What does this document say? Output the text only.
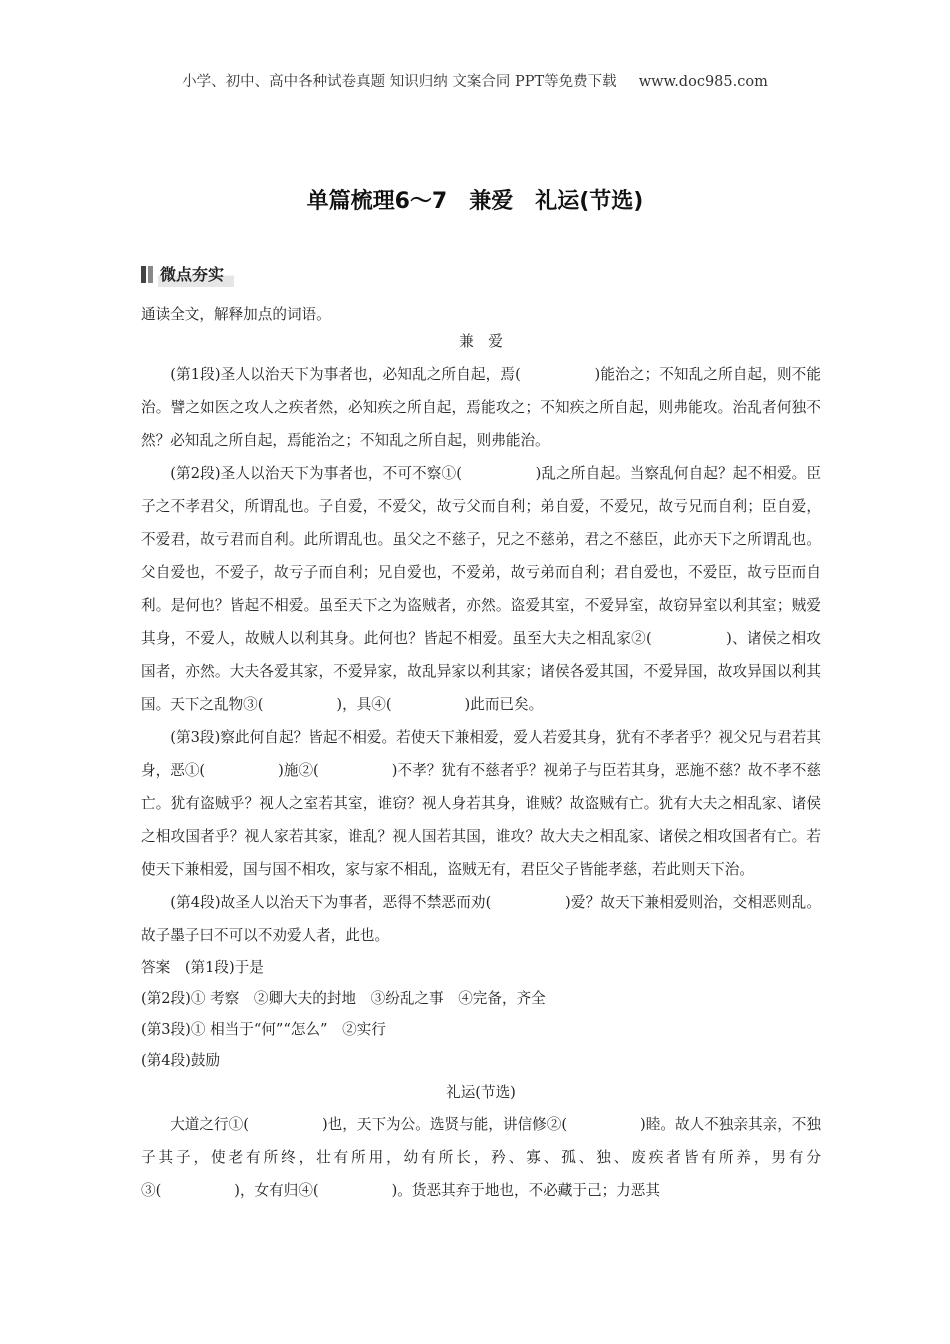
小学、初中、高中各种试卷真题 知识归纳 文案合同 PPT等免费下载 www.doc985.com
单篇梳理6～7　兼爱　礼运(节选)
微点夯实

通读全文，解释加点的词语。

兼　爱

(第1段)圣人以治天下为事者也，必知乱之所自起，焉(　　　　　)能治之；不知乱之所自起，则不能治。譬之如医之攻人之疾者然，必知疾之所自起，焉能攻之；不知疾之所自起，则弗能攻。治乱者何独不然？必知乱之所自起，焉能治之；不知乱之所自起，则弗能治。

(第2段)圣人以治天下为事者也，不可不察①(　　　　　)乱之所自起。当察乱何自起？起不相爱。臣子之不孝君父，所谓乱也。子自爱，不爱父，故亏父而自利；弟自爱，不爱兄，故亏兄而自利；臣自爱，不爱君，故亏君而自利。此所谓乱也。虽父之不慈子，兄之不慈弟，君之不慈臣，此亦天下之所谓乱也。父自爱也，不爱子，故亏子而自利；兄自爱也，不爱弟，故亏弟而自利；君自爱也，不爱臣，故亏臣而自利。是何也？皆起不相爱。虽至天下之为盗贼者，亦然。盗爱其室，不爱异室，故窃异室以利其室；贼爱其身，不爱人，故贼人以利其身。此何也？皆起不相爱。虽至大夫之相乱家②(　　　　　)、诸侯之相攻国者，亦然。大夫各爱其家，不爱异家，故乱异家以利其家；诸侯各爱其国，不爱异国，故攻异国以利其国。天下之乱物③(　　　　　)，具④(　　　　　)此而已矣。

(第3段)察此何自起？皆起不相爱。若使天下兼相爱，爱人若爱其身，犹有不孝者乎？视父兄与君若其身，恶①(　　　　　)施②(　　　　　)不孝？犹有不慈者乎？视弟子与臣若其身，恶施不慈？故不孝不慈亡。犹有盗贼乎？视人之室若其室，谁窃？视人身若其身，谁贼？故盗贼有亡。犹有大夫之相乱家、诸侯之相攻国者乎？视人家若其家，谁乱？视人国若其国，谁攻？故大夫之相乱家、诸侯之相攻国者有亡。若使天下兼相爱，国与国不相攻，家与家不相乱，盗贼无有，君臣父子皆能孝慈，若此则天下治。

(第4段)故圣人以治天下为事者，恶得不禁恶而劝(　　　　　)爱？故天下兼相爱则治，交相恶则乱。故子墨子曰不可以不劝爱人者，此也。

答案　 (第1段)于是

(第2段)① 考察　②卿大夫的封地　③纷乱之事　④完备，齐全

(第3段)① 相当于“何”“怎么”　②实行

(第4段)鼓励

礼运(节选)

大道之行①(　　　　　)也，天下为公。选贤与能，讲信修②(　　　　　)睦。故人不独亲其亲，不独子其子，使老有所终，壮有所用，幼有所长，矜、寡、孤、独、废疾者皆有所养，男有分③(　　　　　)，女有归④(　　　　　)。货恶其弃于地也，不必藏于己；力恶其
